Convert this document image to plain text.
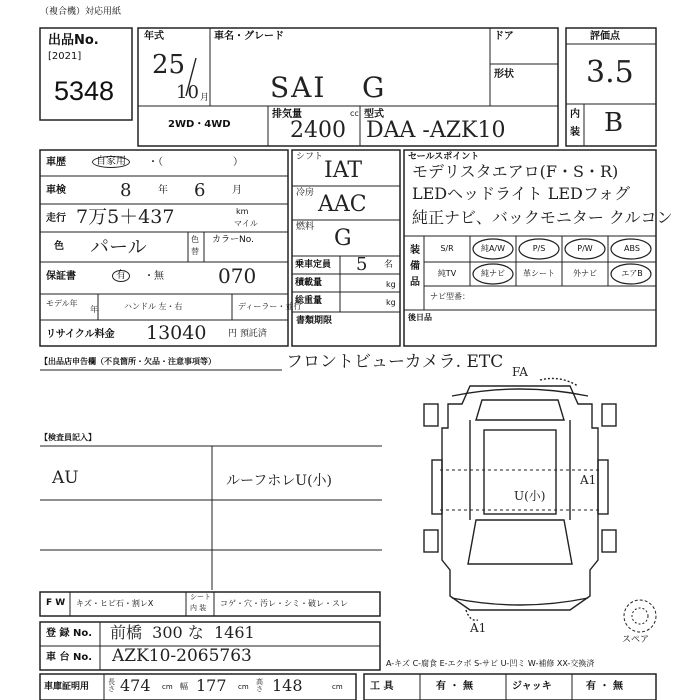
（複合機）対応用紙
出品No.
[2021]
5348
年式
25
10 月
車名・グレード
SAI G
ドア
形状
2WD・4WD
排気量	cc
2400
型式
DAA -AZK10
評価点
3.5
内
装 B
車歴	自家用	・（　　　　　　　）
車検	8	年 6	月
走行 7万5＋437	km
マイル
色 パール	色
替
カラーNo.
保証書	有	・無	070
モデル年
年	ハンドル 左・右	ディーラー・並行
リサイクル料金 13040 円 預託済
シフト
IAT
冷房 AAC
燃料 G
乗車定員 5 名
積載量	kg
総重量	kg
書類期限
セールスポイント
モデリスタエアロ(F・S・R)
LEDヘッドライト LEDフォグ
純正ナビ、バックモニター クルコン
装
備
品
S/R	純A/W	P/S	P/W	ABS
純TV	純ナビ	革シート	外ナビ	エアB
ナビ型番：
後日品
【出品店申告欄（不良箇所・欠品・注意事項等）	フロントビューカメラ. ETC
【検査員記入】
AU	ルーフホレU(小)
FA
A1
U(小)
A1
スペア
F W キズ・ヒビ石・割レX
シート
内 装 コゲ・穴・汚レ・シミ・破レ・スレ
登 録 No. 前橋  300 な  1461
車 台 No. AZK10-2065763	A-キズ C-腐食 E-エクボ S-サビ U-凹ミ W-補修 XX-交換済
車庫証明用	長さ 474 cm 幅 177 cm
高さ 148	cm	工 具	有 ・ 無	ジャッキ	有 ・ 無
